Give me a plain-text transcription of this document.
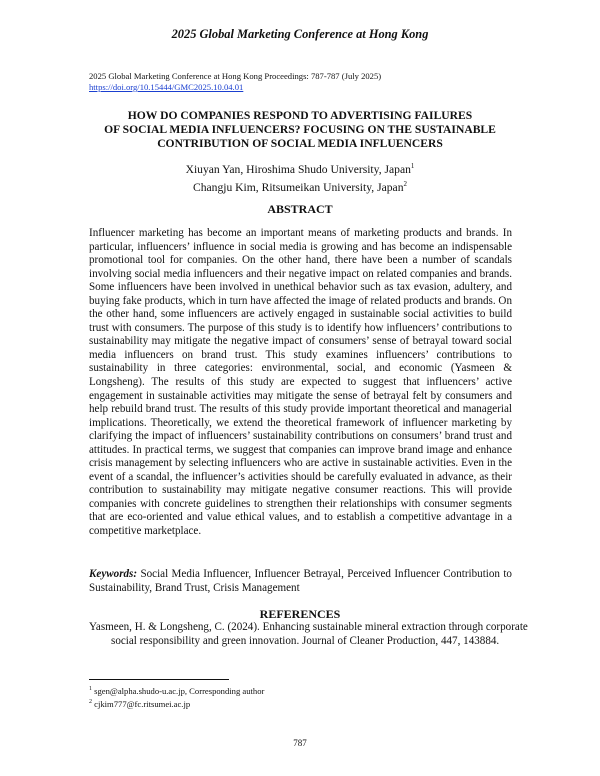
2025 Global Marketing Conference at Hong Kong
2025 Global Marketing Conference at Hong Kong Proceedings: 787-787 (July 2025)
https://doi.org/10.15444/GMC2025.10.04.01
HOW DO COMPANIES RESPOND TO ADVERTISING FAILURES
OF SOCIAL MEDIA INFLUENCERS? FOCUSING ON THE SUSTAINABLE
CONTRIBUTION OF SOCIAL MEDIA INFLUENCERS
Xiuyan Yan, Hiroshima Shudo University, Japan$^1$
Changju Kim, Ritsumeikan University, Japan$^2$
ABSTRACT

Influencer marketing has become an important means of marketing products and brands. In particular, influencers’ influence in social media is growing and has become an indispensable promotional tool for companies. On the other hand, there have been a number of scandals involving social media influencers and their negative impact on related companies and brands. Some influencers have been involved in unethical behavior such as tax evasion, adultery, and buying fake products, which in turn have affected the image of related products and brands. On the other hand, some influencers are actively engaged in sustainable social activities to build trust with consumers. The purpose of this study is to identify how influencers’ contributions to sustainability may mitigate the negative impact of consumers’ sense of betrayal toward social media influencers on brand trust. This study examines influencers’ contributions to sustainability in three categories: environmental, social, and economic (Yasmeen & Longsheng). The results of this study are expected to suggest that influencers’ active engagement in sustainable activities may mitigate the sense of betrayal felt by consumers and help rebuild brand trust. The results of this study provide important theoretical and managerial implications. Theoretically, we extend the theoretical framework of influencer marketing by clarifying the impact of influencers’ sustainability contributions on consumers’ brand trust and attitudes. In practical terms, we suggest that companies can improve brand image and enhance crisis management by selecting influencers who are active in sustainable activities. Even in the event of a scandal, the influencer’s activities should be carefully evaluated in advance, as their contribution to sustainability may mitigate negative consumer reactions. This will provide companies with concrete guidelines to strengthen their relationships with consumer segments that are eco-oriented and value ethical values, and to establish a competitive advantage in a competitive marketplace.

Keywords: Social Media Influencer, Influencer Betrayal, Perceived Influencer Contribution to Sustainability, Brand Trust, Crisis Management

REFERENCES

Yasmeen, H. & Longsheng, C. (2024). Enhancing sustainable mineral extraction through corporate social responsibility and green innovation. Journal of Cleaner Production, 447, 143884.

$^1$ sgen@alpha.shudo-u.ac.jp, Corresponding author
$^2$ cjkim777@fc.ritsumei.ac.jp
787
